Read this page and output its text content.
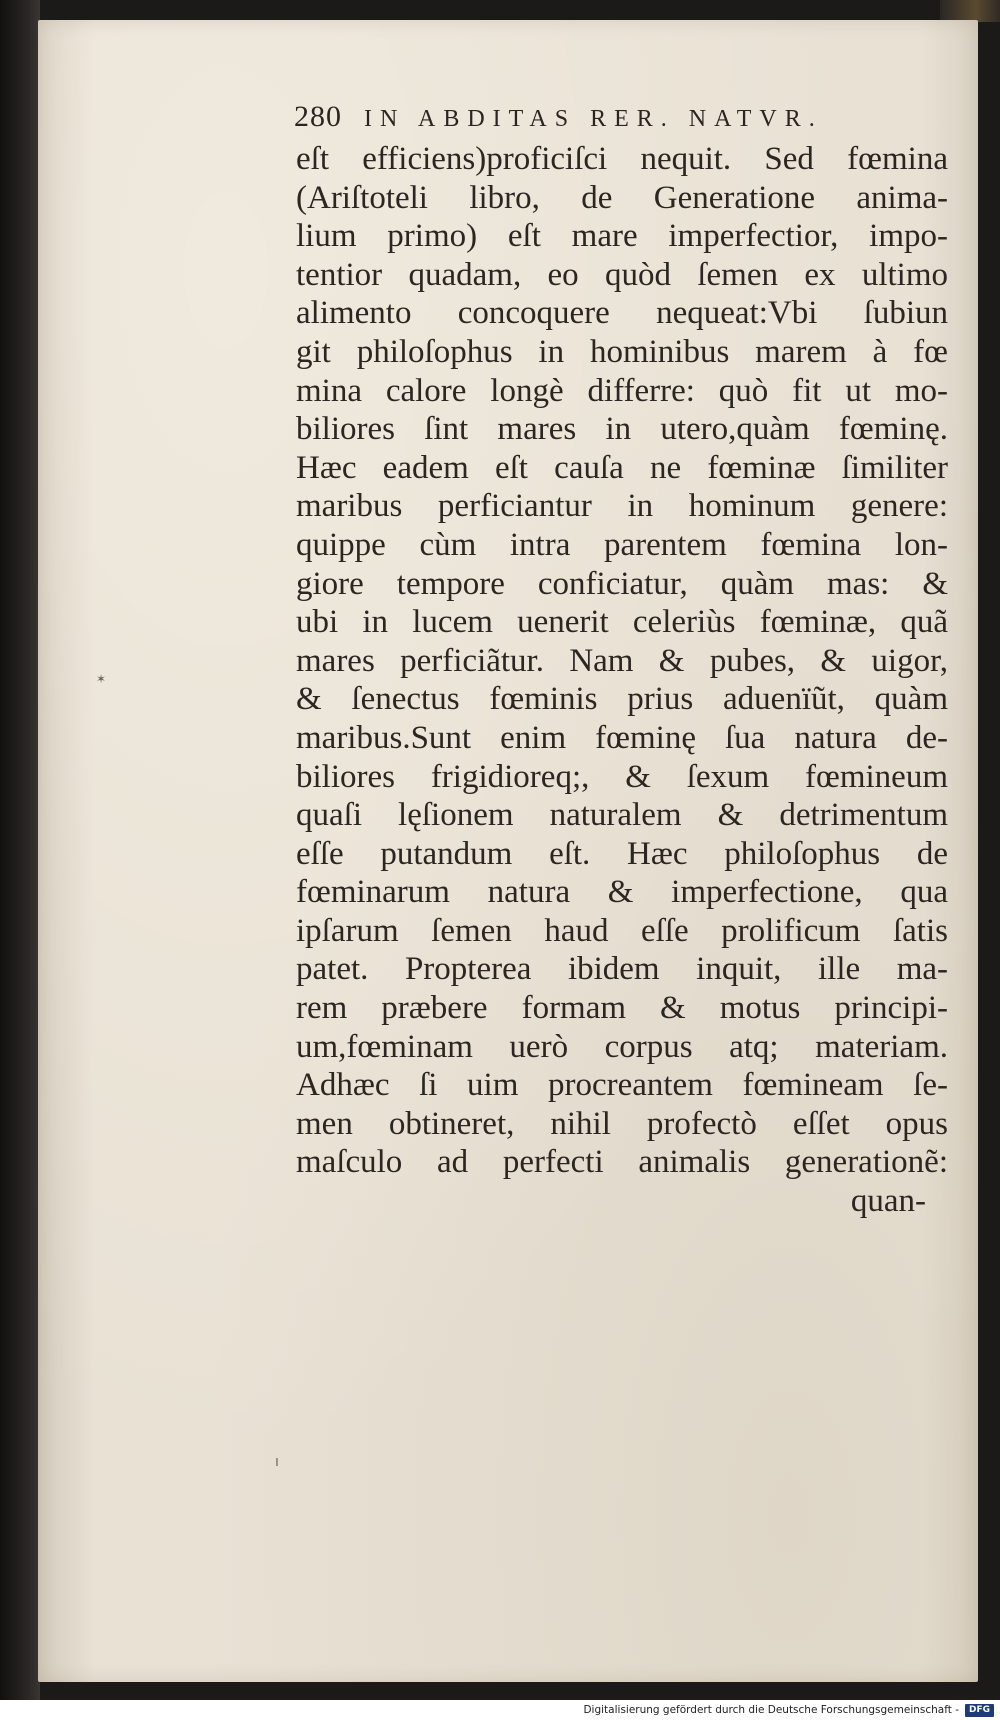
280 IN ABDITAS RER. NATVR.
eſt efficiens)proficiſci nequit. Sed fœmina
(Ariſtoteli libro, de Generatione anima-
lium primo) eſt mare imperfectior, impo-
tentior quadam, eo quòd ſemen ex ultimo
alimento concoquere nequeat:Vbi ſubiun
git philoſophus in hominibus marem à fœ
mina calore longè differre: quò fit ut mo-
biliores ſint mares in utero,quàm fœminę.
Hæc eadem eſt cauſa ne fœminæ ſimiliter
maribus perficiantur in hominum genere:
quippe cùm intra parentem fœmina lon-
giore tempore conficiatur, quàm mas: &
ubi in lucem uenerit celeriùs fœminæ, quã
mares perficiãtur. Nam & pubes, & uigor,
& ſenectus fœminis prius aduenïũt, quàm
maribus.Sunt enim fœminę ſua natura de-
biliores frigidioreq;, & ſexum fœmineum
quaſi lęſionem naturalem & detrimentum
eſſe putandum eſt. Hæc philoſophus de
fœminarum natura & imperfectione, qua
ipſarum ſemen haud eſſe prolificum ſatis
patet. Propterea ibidem inquit, ille ma-
rem præbere formam & motus principi-
um,fœminam uerò corpus atq; materiam.
Adhæc ſi uim procreantem fœmineam ſe-
men obtineret, nihil profectò eſſet opus
maſculo ad perfecti animalis generationẽ:
quan-
✶
ı
Digitalisierung gefördert durch die Deutsche Forschungsgemeinschaft -	DFG
